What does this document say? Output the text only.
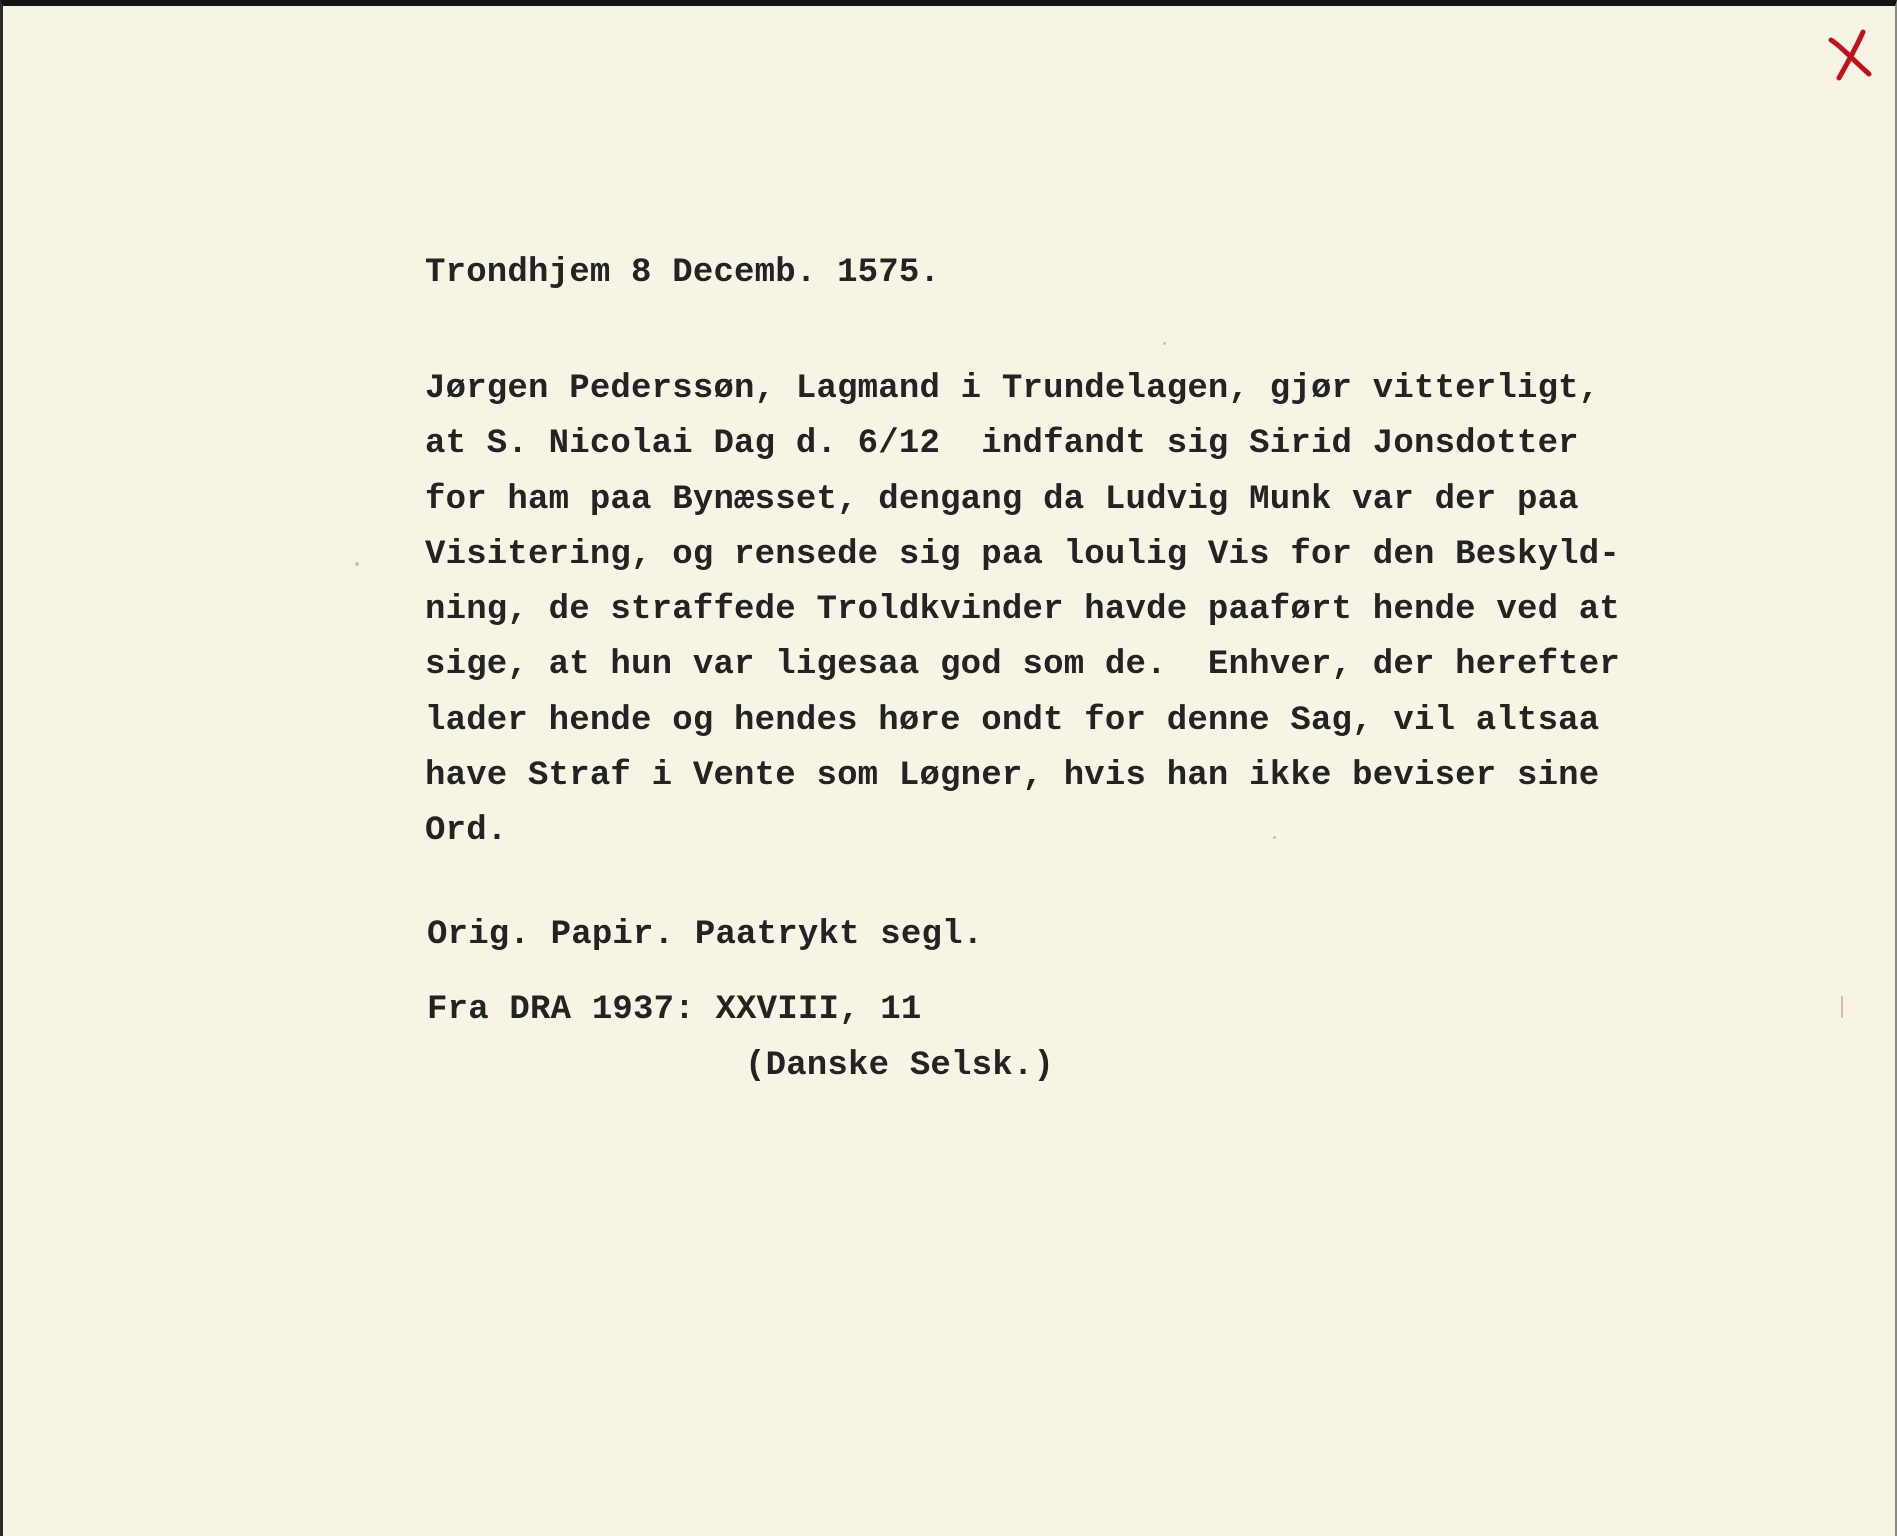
Trondhjem 8 Decemb. 1575.
Jørgen Pederssøn, Lagmand i Trundelagen, gjør vitterligt,
at S. Nicolai Dag d. 6/12  indfandt sig Sirid Jonsdotter
for ham paa Bynæsset, dengang da Ludvig Munk var der paa
Visitering, og rensede sig paa loulig Vis for den Beskyld-
ning, de straffede Troldkvinder havde paaført hende ved at
sige, at hun var ligesaa god som de.  Enhver, der herefter
lader hende og hendes høre ondt for denne Sag, vil altsaa
have Straf i Vente som Løgner, hvis han ikke beviser sine
Ord.
Orig. Papir. Paatrykt segl.
Fra DRA 1937: XXVIII, 11
(Danske Selsk.)
